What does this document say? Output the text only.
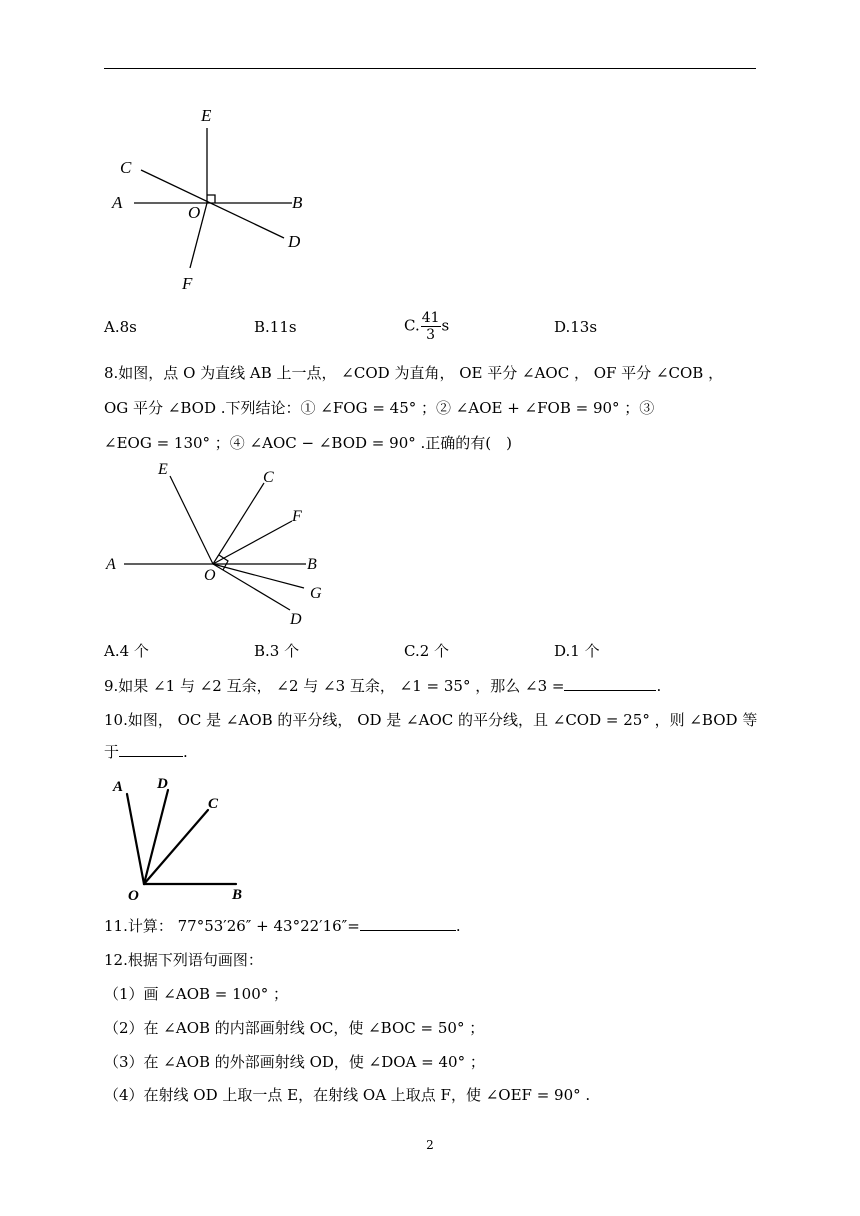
E
C
A
O
B
D
F
A.8s	B.11s	C. $\frac{41}{3}$ s	D.13s
8.如图，点 O 为直线 AB 上一点， ∠COD 为直角， OE 平分 ∠AOC ， OF 平分 ∠COB ，
OG 平分 ∠BOD .下列结论：① ∠FOG = 45° ；② ∠AOE + ∠FOB = 90° ；③
∠EOG = 130° ；④ ∠AOC − ∠BOD = 90° .正确的有(　)
E	C
F
A
O
B
G
D
A.4 个	B.3 个	C.2 个	D.1 个
9.如果 ∠1 与 ∠2 互余， ∠2 与 ∠3 互余， ∠1 = 35° ，那么 ∠3 =	.
10.如图， OC 是 ∠AOB 的平分线， OD 是 ∠AOC 的平分线，且 ∠COD = 25° ，则 ∠BOD 等
于	.
A D
C
O	B
11.计算： 77°53′26″ + 43°22′16″=	.
12.根据下列语句画图：
（1）画 ∠AOB = 100° ；
（2）在 ∠AOB 的内部画射线 OC，使 ∠BOC = 50° ；
（3）在 ∠AOB 的外部画射线 OD，使 ∠DOA = 40° ；
（4）在射线 OD 上取一点 E，在射线 OA 上取点 F，使 ∠OEF = 90° .
2
